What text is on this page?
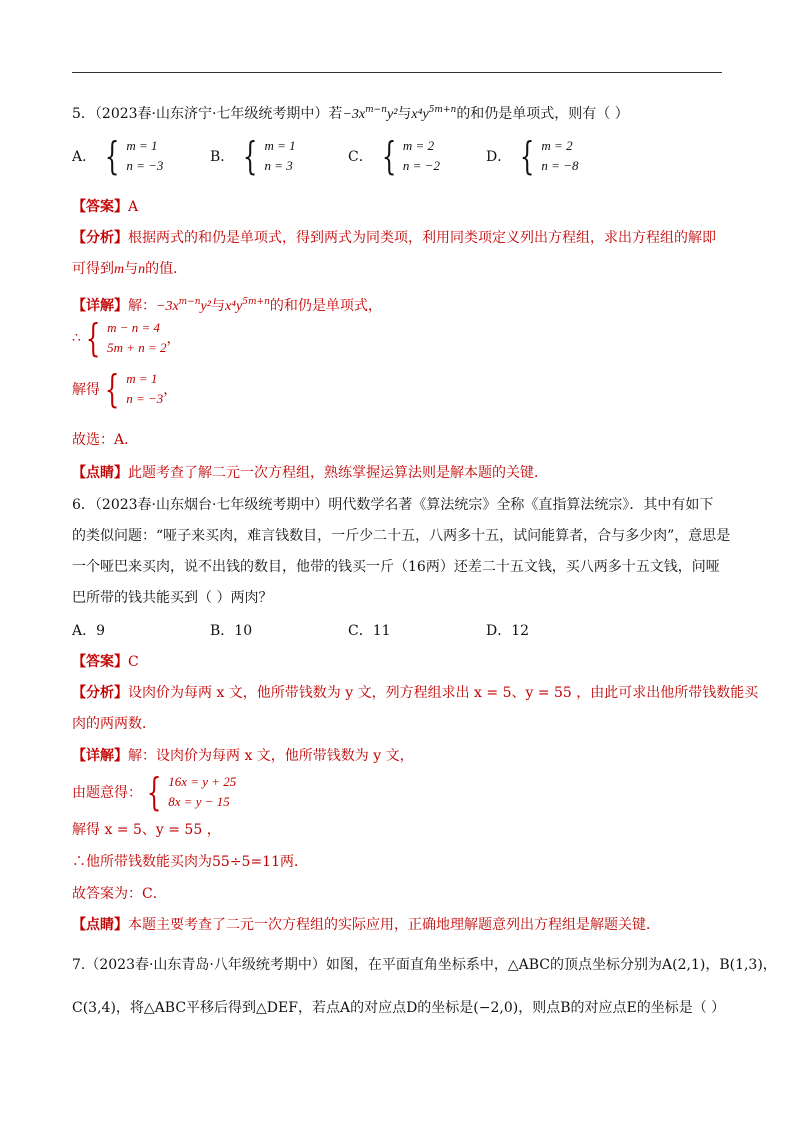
5．（2023春·山东济宁·七年级统考期中）若$-3x^{m-n}y^2$与$x^4y^{5m+n}$的和仍是单项式，则有（ ）
A． { m = 1
n = −3
B． { m = 1
n = 3
C． { m = 2
n = −2
D． { m = 2
n = −8
【答案】A
【分析】根据两式的和仍是单项式，得到两式为同类项，利用同类项定义列出方程组，求出方程组的解即
可得到m与n的值．
【详解】解：$-3x^{m-n}y^2$与$x^4y^{5m+n}$的和仍是单项式，
∴ { m − n = 4
5m + n = 2
，
解得 { m = 1
n = −3
，
故选：A．
【点睛】此题考查了解二元一次方程组，熟练掌握运算法则是解本题的关键．
6．（2023春·山东烟台·七年级统考期中）明代数学名著《算法统宗》全称《直指算法统宗》．其中有如下
的类似问题：“哑子来买肉，难言钱数目，一斤少二十五，八两多十五，试问能算者，合与多少肉”，意思是
一个哑巴来买肉，说不出钱的数目，他带的钱买一斤（16两）还差二十五文钱，买八两多十五文钱，问哑
巴所带的钱共能买到（ ）两肉？
A．9	B．10	C．11	D．12
【答案】C
【分析】设肉价为每两 x 文，他所带钱数为 y 文，列方程组求出 x = 5、y = 55 ，由此可求出他所带钱数能买
肉的两两数．
【详解】解：设肉价为每两 x 文，他所带钱数为 y 文，
由题意得： { 16x = y + 25
8x = y − 15
解得 x = 5、y = 55 ，
∴他所带钱数能买肉为55÷5=11两．
故答案为：C．
【点睛】本题主要考查了二元一次方程组的实际应用，正确地理解题意列出方程组是解题关键．
7.（2023春·山东青岛·八年级统考期中）如图，在平面直角坐标系中，△ABC的顶点坐标分别为A(2,1)，B(1,3)，
C(3,4)，将△ABC平移后得到△DEF，若点A的对应点D的坐标是(−2,0)，则点B的对应点E的坐标是（ ）
